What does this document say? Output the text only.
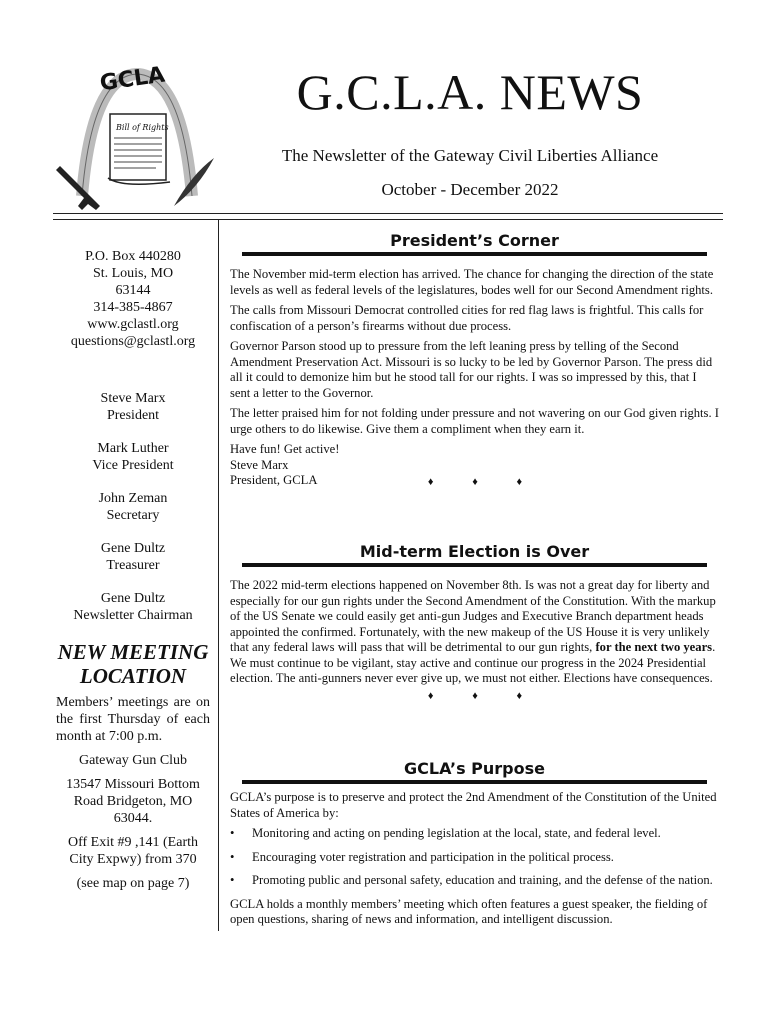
GCLA
Bill of Rights
G.C.L.A. NEWS
The Newsletter of the Gateway Civil Liberties Alliance
October - December 2022
P.O. Box 440280
St. Louis, MO
63144
314-385-4867
www.gclastl.org
questions@gclastl.org
Steve Marx
President
Mark Luther
Vice President
John Zeman
Secretary
Gene Dultz
Treasurer
Gene Dultz
Newsletter Chairman
NEW MEETING LOCATION
Members’ meetings are on the first Thursday of each month at 7:00 p.m.
Gateway Gun Club
13547 Missouri Bottom Road Bridgeton, MO 63044.
Off Exit #9 ,141 (Earth City Expwy) from 370
(see map on page 7)
President’s Corner

The November mid-term election has arrived. The chance for changing the direction of the state levels as well as federal levels of the legislatures, bodes well for our Second Amendment rights.

The calls from Missouri Democrat controlled cities for red flag laws is frightful. This calls for confiscation of a person’s firearms without due process.

Governor Parson stood up to pressure from the left leaning press by telling of the Second Amendment Preservation Act. Missouri is so lucky to be led by Governor Parson. The press did all it could to demonize him but he stood tall for our rights. I was so impressed by this, that I sent a letter to the Governor.

The letter praised him for not folding under pressure and not wavering on our God given rights. I urge others to do likewise. Give them a compliment when they earn it.

Have fun! Get active!
Steve Marx
President, GCLA	♦ ♦ ♦
Mid-term Election is Over

The 2022 mid-term elections happened on November 8th. Is was not a great day for liberty and especially for our gun rights under the Second Amendment of the Constitution. With the markup of the US Senate we could easily get anti-gun Judges and Executive Branch department heads appointed the confirmed. Fortunately, with the new makeup of the US House it is very unlikely that any federal laws will pass that will be detrimental to our gun rights, for the next two years. We must continue to be vigilant, stay active and continue our progress in the 2024 Presidential election. The anti-gunners never ever give up, we must not either. Elections have consequences.

♦ ♦ ♦
GCLA’s Purpose

GCLA’s purpose is to preserve and protect the 2nd Amendment of the Constitution of the United States of America by:

• Monitoring and acting on pending legislation at the local, state, and federal level.
• Encouraging voter registration and participation in the political process.
• Promoting public and personal safety, education and training, and the defense of the nation.

GCLA holds a monthly members’ meeting which often features a guest speaker, the fielding of open questions, sharing of news and information, and intelligent discussion.
